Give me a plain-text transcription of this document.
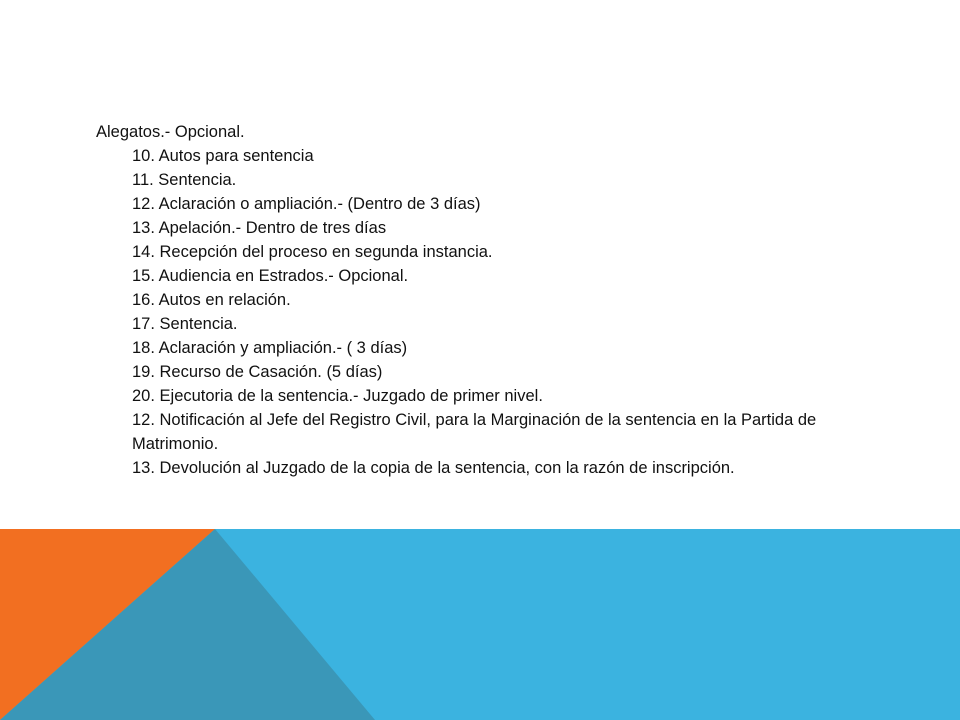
Alegatos.- Opcional.

10. Autos para sentencia

11. Sentencia.

12. Aclaración o ampliación.- (Dentro de 3 días)

13. Apelación.- Dentro de tres días

14. Recepción del proceso en segunda instancia.

15. Audiencia en Estrados.- Opcional.

16. Autos en relación.

17. Sentencia.

18. Aclaración y ampliación.- ( 3 días)

19. Recurso de Casación. (5 días)

20. Ejecutoria de la sentencia.- Juzgado de primer nivel.

12. Notificación al Jefe del Registro Civil, para la Marginación de la sentencia en la Partida de Matrimonio.

13. Devolución al Juzgado de la copia de la sentencia, con la razón de inscripción.
